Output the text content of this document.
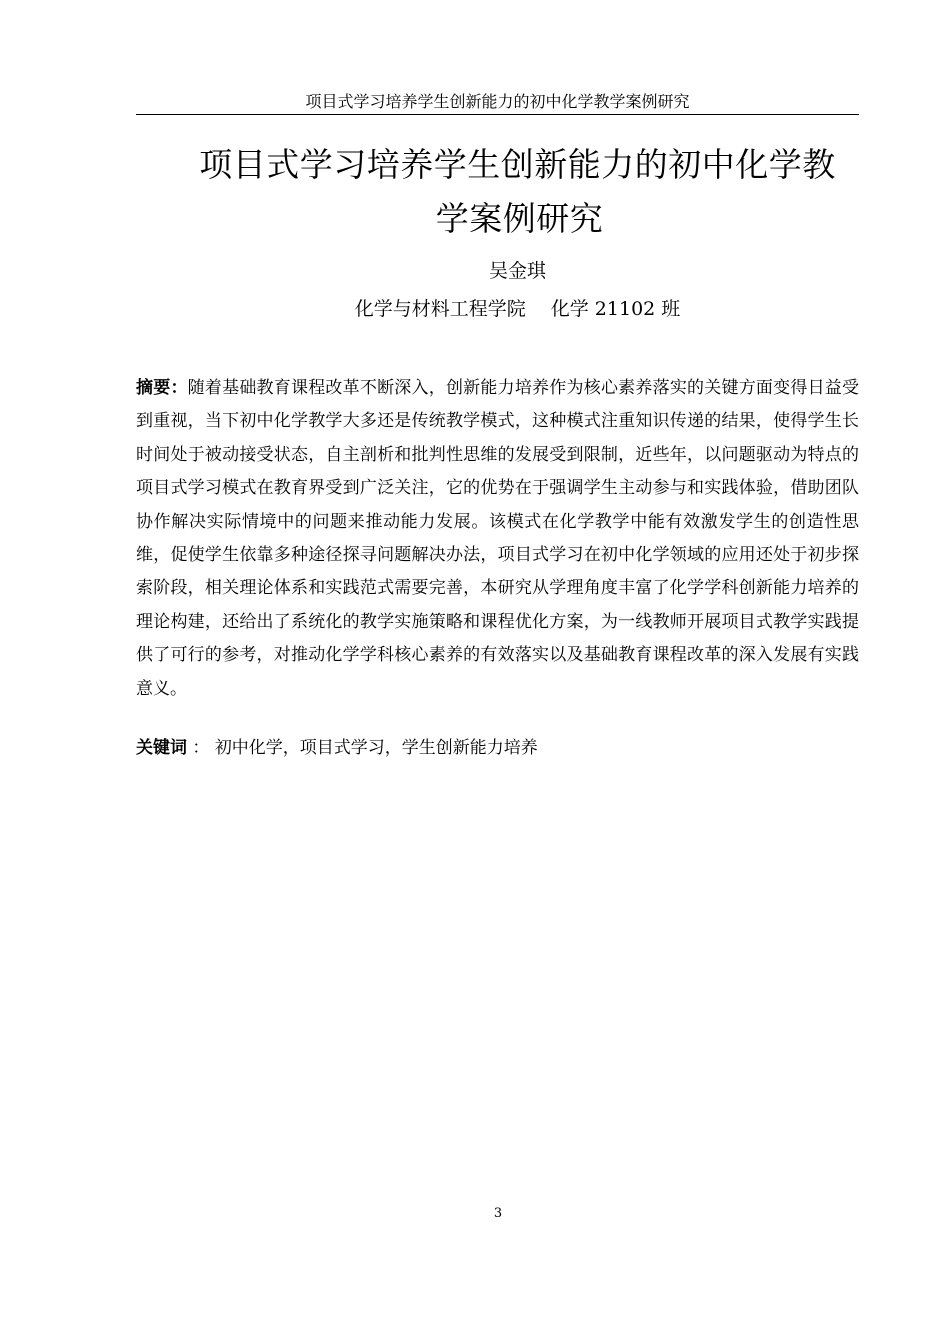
项目式学习培养学生创新能力的初中化学教学案例研究
项目式学习培养学生创新能力的初中化学教
学案例研究
吴金琪
化学与材料工程学院　 化学 21102 班
摘要：随着基础教育课程改革不断深入，创新能力培养作为核心素养落实的关键方面变得日益受到重视，当下初中化学教学大多还是传统教学模式，这种模式注重知识传递的结果，使得学生长时间处于被动接受状态，自主剖析和批判性思维的发展受到限制，近些年，以问题驱动为特点的项目式学习模式在教育界受到广泛关注，它的优势在于强调学生主动参与和实践体验，借助团队协作解决实际情境中的问题来推动能力发展。该模式在化学教学中能有效激发学生的创造性思维，促使学生依靠多种途径探寻问题解决办法，项目式学习在初中化学领域的应用还处于初步探索阶段，相关理论体系和实践范式需要完善，本研究从学理角度丰富了化学学科创新能力培养的理论构建，还给出了系统化的教学实施策略和课程优化方案，为一线教师开展项目式教学实践提供了可行的参考，对推动化学学科核心素养的有效落实以及基础教育课程改革的深入发展有实践意义。
关键词 ： 初中化学，项目式学习，学生创新能力培养
3
